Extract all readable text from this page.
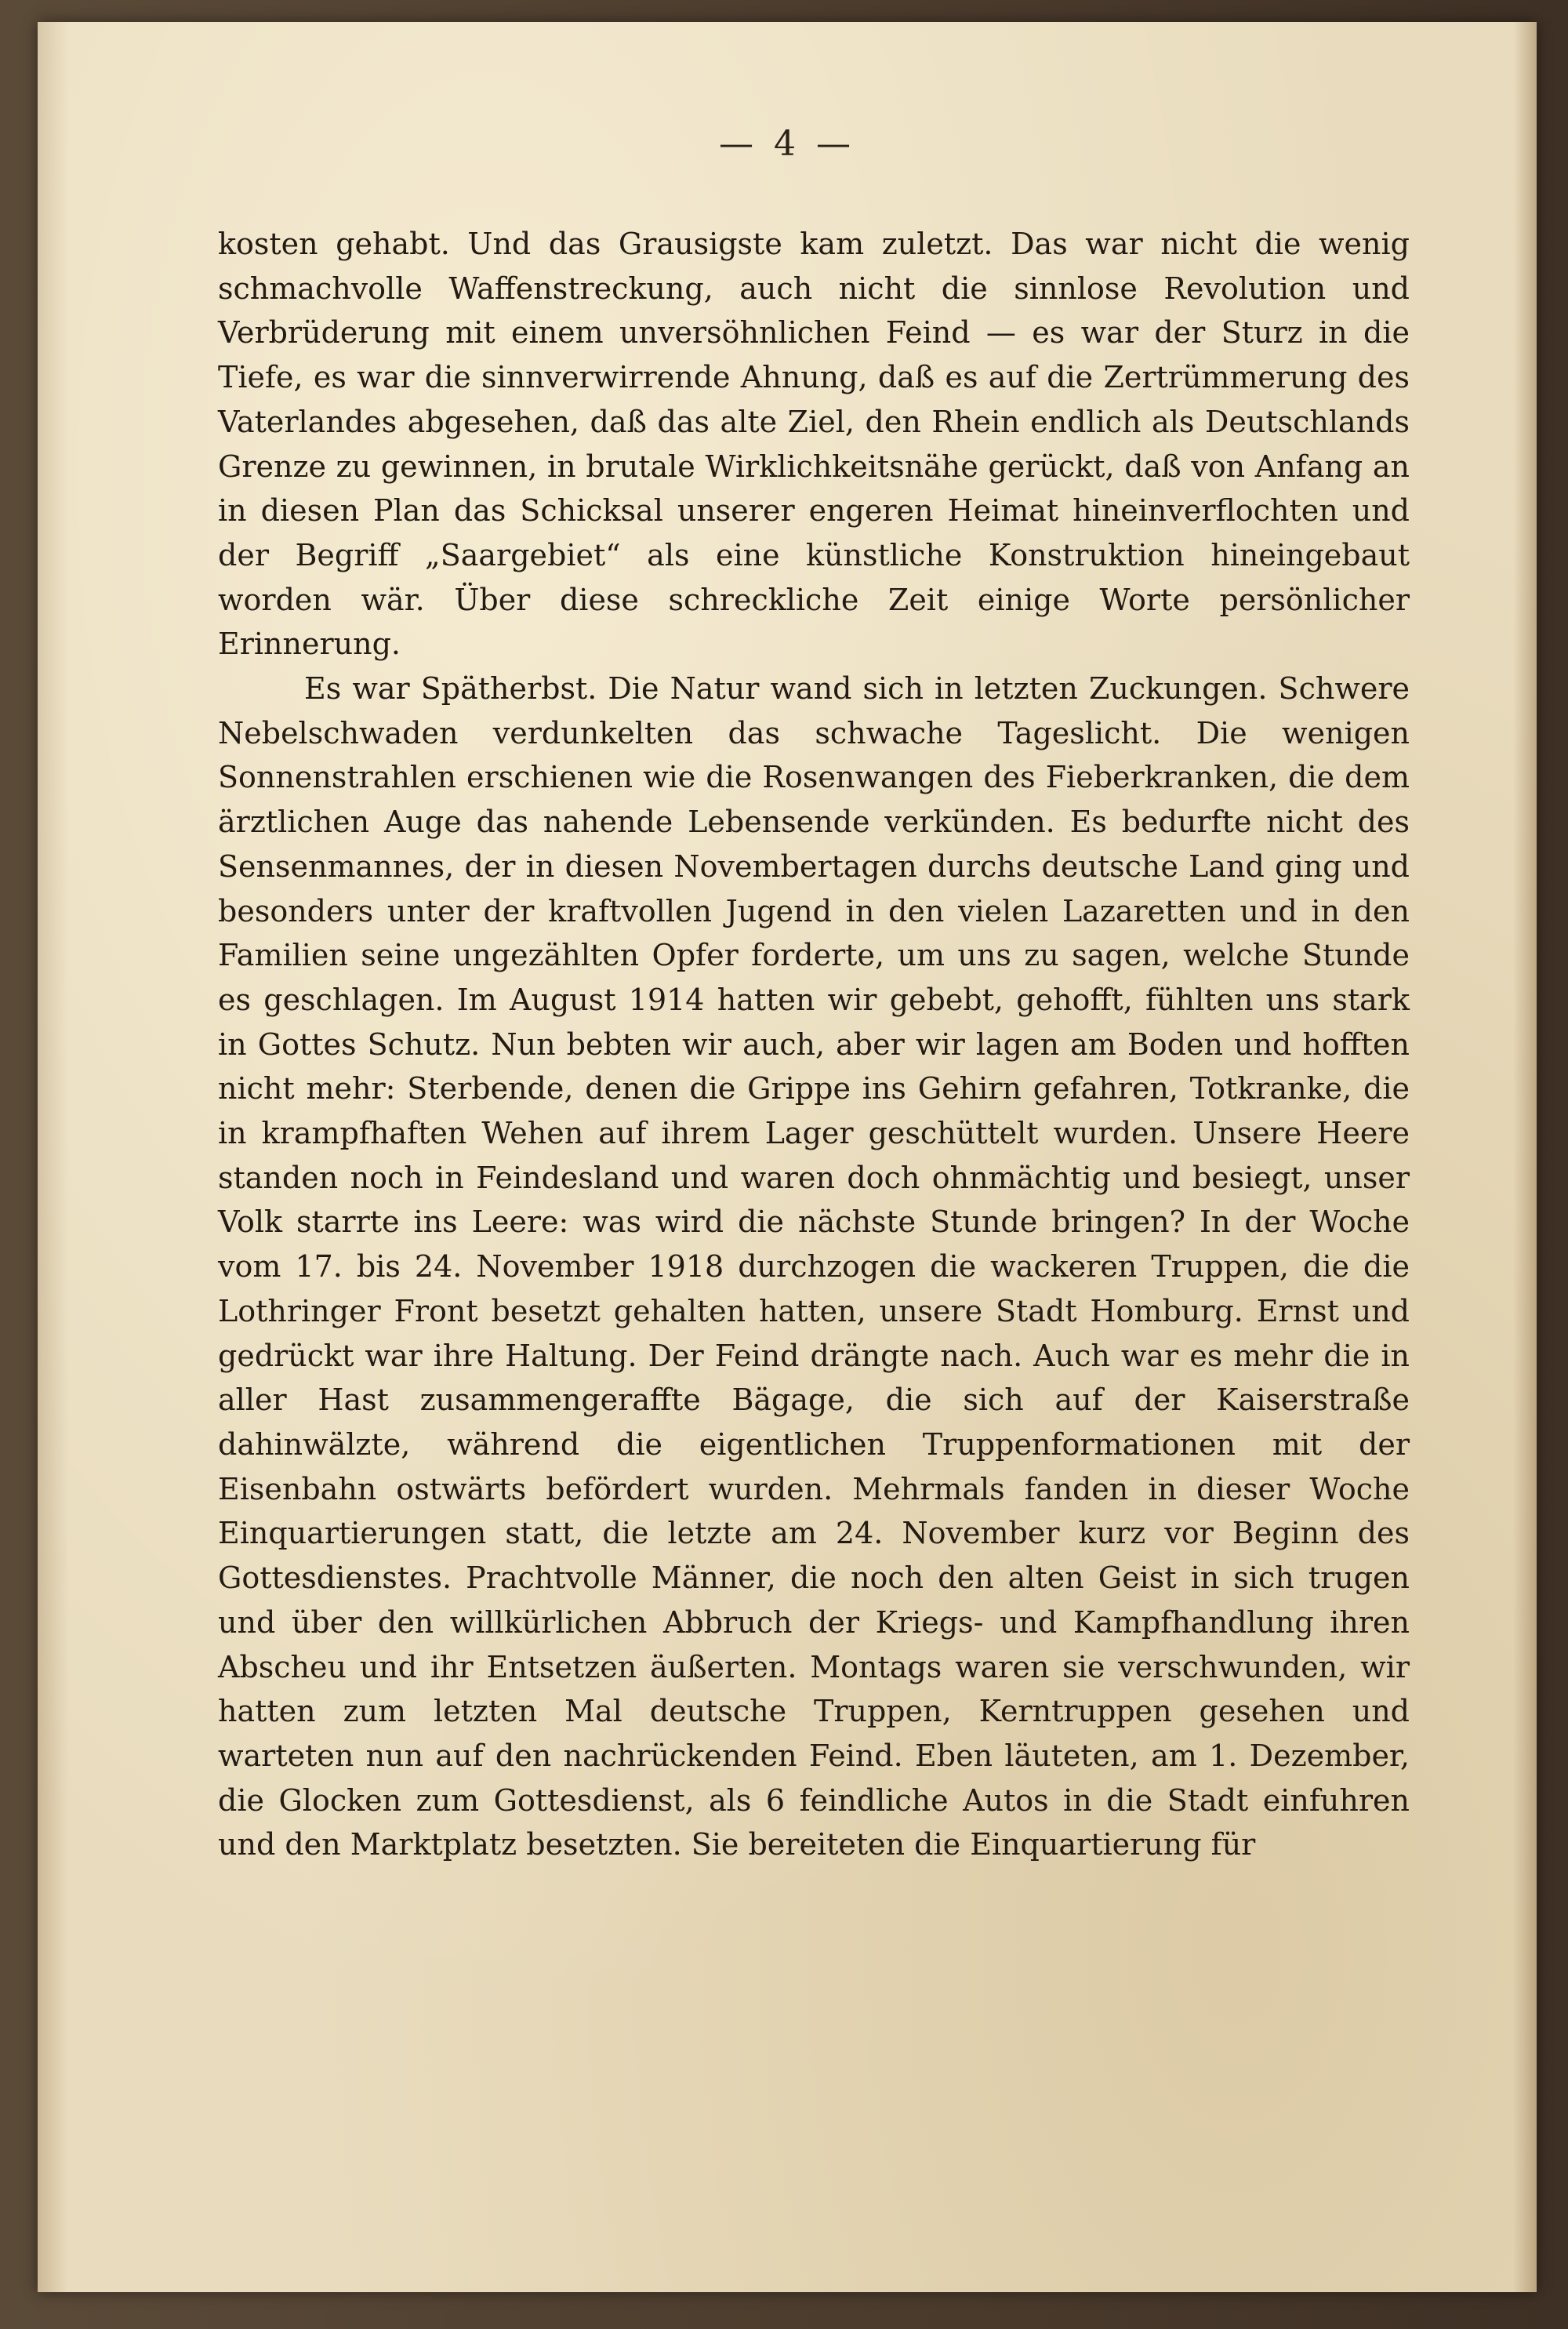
— 4 —

kosten gehabt. Und das Grausigste kam zuletzt. Das war nicht die wenig schmachvolle Waffenstreckung, auch nicht die sinnlose Revolution und Verbrüderung mit einem unversöhnlichen Feind — es war der Sturz in die Tiefe, es war die sinnverwirrende Ahnung, daß es auf die Zertrümmerung des Vaterlandes abgesehen, daß das alte Ziel, den Rhein endlich als Deutschlands Grenze zu gewinnen, in brutale Wirklichkeitsnähe gerückt, daß von Anfang an in diesen Plan das Schicksal unserer engeren Heimat hineinverflochten und der Begriff „Saargebiet“ als eine künstliche Konstruktion hineingebaut worden wär. Über diese schreckliche Zeit einige Worte persönlicher Erinnerung.

Es war Spätherbst. Die Natur wand sich in letzten Zuckungen. Schwere Nebelschwaden verdunkelten das schwache Tageslicht. Die wenigen Sonnenstrahlen erschienen wie die Rosenwangen des Fieberkranken, die dem ärztlichen Auge das nahende Lebensende verkünden. Es bedurfte nicht des Sensenmannes, der in diesen Novembertagen durchs deutsche Land ging und besonders unter der kraftvollen Jugend in den vielen Lazaretten und in den Familien seine ungezählten Opfer forderte, um uns zu sagen, welche Stunde es geschlagen. Im August 1914 hatten wir gebebt, gehofft, fühlten uns stark in Gottes Schutz. Nun bebten wir auch, aber wir lagen am Boden und hofften nicht mehr: Sterbende, denen die Grippe ins Gehirn gefahren, Totkranke, die in krampfhaften Wehen auf ihrem Lager geschüttelt wurden. Unsere Heere standen noch in Feindesland und waren doch ohnmächtig und besiegt, unser Volk starrte ins Leere: was wird die nächste Stunde bringen? In der Woche vom 17. bis 24. November 1918 durchzogen die wackeren Truppen, die die Lothringer Front besetzt gehalten hatten, unsere Stadt Homburg. Ernst und gedrückt war ihre Haltung. Der Feind drängte nach. Auch war es mehr die in aller Hast zusammengeraffte Bägage, die sich auf der Kaiserstraße dahinwälzte, während die eigentlichen Truppenformationen mit der Eisenbahn ostwärts befördert wurden. Mehrmals fanden in dieser Woche Einquartierungen statt, die letzte am 24. November kurz vor Beginn des Gottesdienstes. Prachtvolle Männer, die noch den alten Geist in sich trugen und über den willkürlichen Abbruch der Kriegs- und Kampfhandlung ihren Abscheu und ihr Entsetzen äußerten. Montags waren sie verschwunden, wir hatten zum letzten Mal deutsche Truppen, Kerntruppen gesehen und warteten nun auf den nachrückenden Feind. Eben läuteten, am 1. Dezember, die Glocken zum Gottesdienst, als 6 feindliche Autos in die Stadt einfuhren und den Marktplatz besetzten. Sie bereiteten die Einquartierung für
